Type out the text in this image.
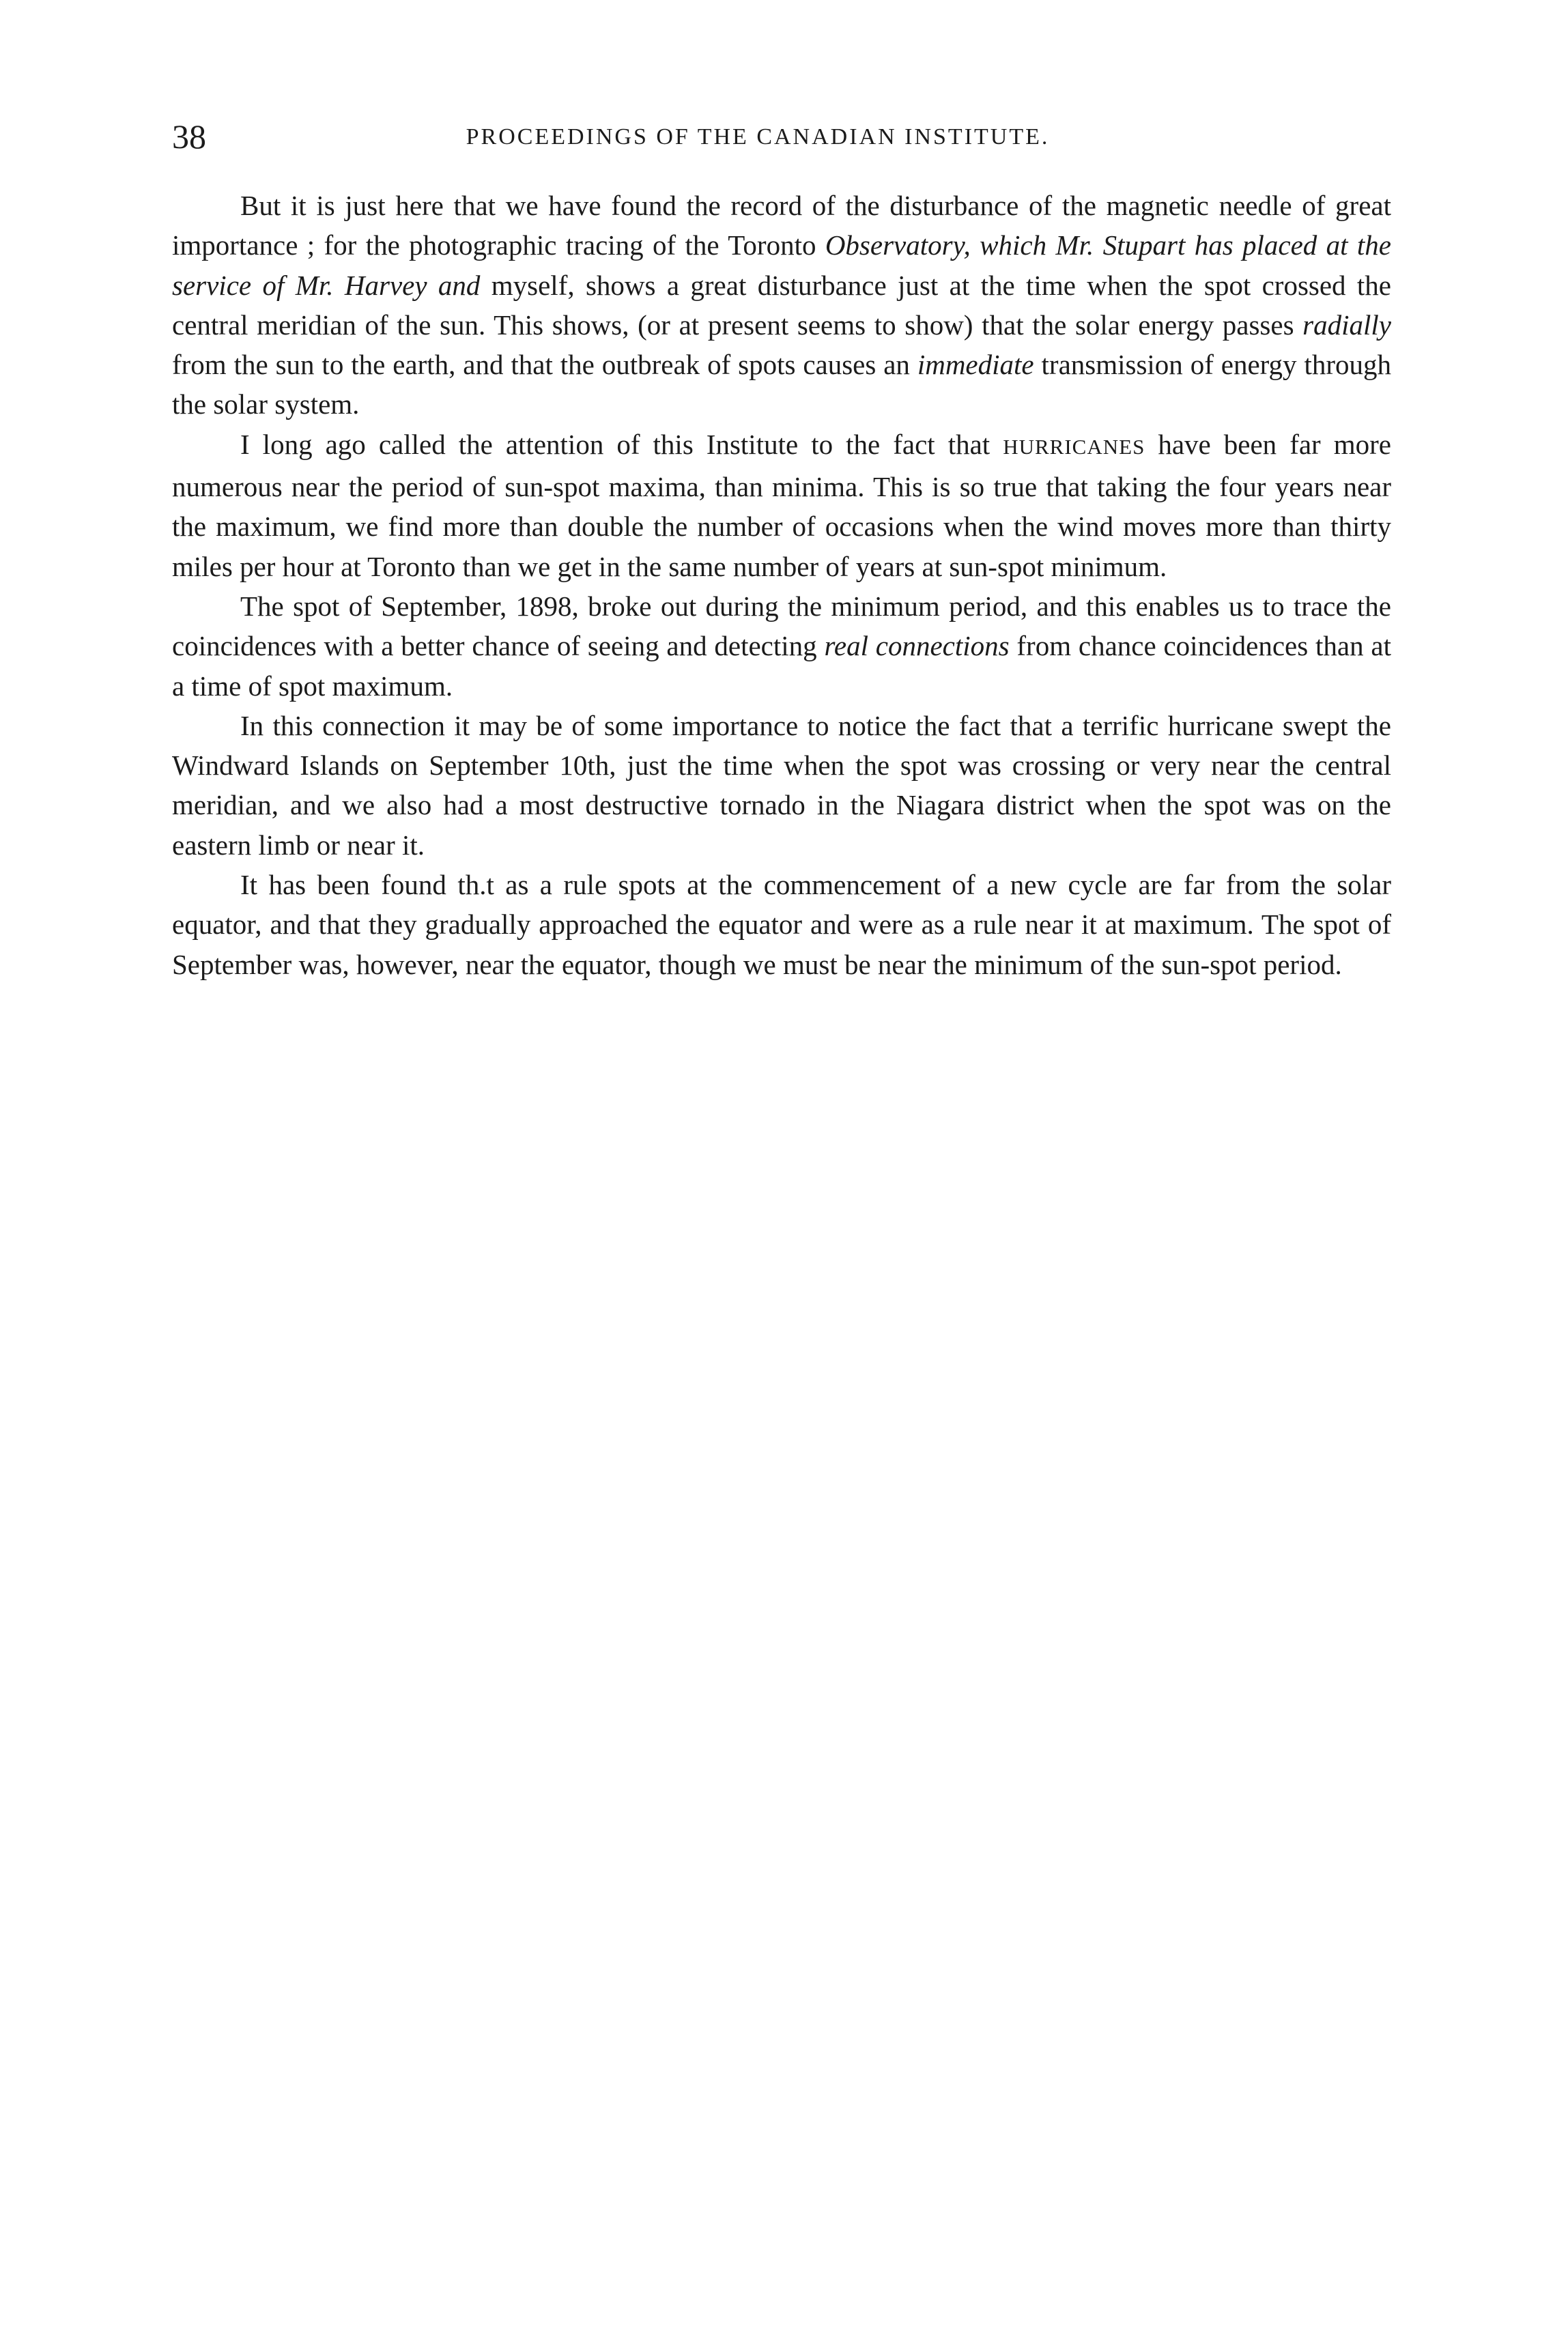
38	PROCEEDINGS OF THE CANADIAN INSTITUTE.

But it is just here that we have found the record of the disturbance of the magnetic needle of great importance ; for the photographic tracing of the Toronto Observatory, which Mr. Stupart has placed at the service of Mr. Harvey and myself, shows a great disturbance just at the time when the spot crossed the central meridian of the sun. This shows, (or at present seems to show) that the solar energy passes radially from the sun to the earth, and that the outbreak of spots causes an immediate transmission of energy through the solar system.

I long ago called the attention of this Institute to the fact that HURRICANES have been far more numerous near the period of sun-spot maxima, than minima. This is so true that taking the four years near the maximum, we find more than double the number of occasions when the wind moves more than thirty miles per hour at Toronto than we get in the same number of years at sun-spot minimum.

The spot of September, 1898, broke out during the minimum period, and this enables us to trace the coincidences with a better chance of seeing and detecting real connections from chance coincidences than at a time of spot maximum.

In this connection it may be of some importance to notice the fact that a terrific hurricane swept the Windward Islands on September 10th, just the time when the spot was crossing or very near the central meridian, and we also had a most destructive tornado in the Niagara district when the spot was on the eastern limb or near it.

It has been found th.t as a rule spots at the commencement of a new cycle are far from the solar equator, and that they gradually approached the equator and were as a rule near it at maximum. The spot of September was, however, near the equator, though we must be near the minimum of the sun-spot period.
